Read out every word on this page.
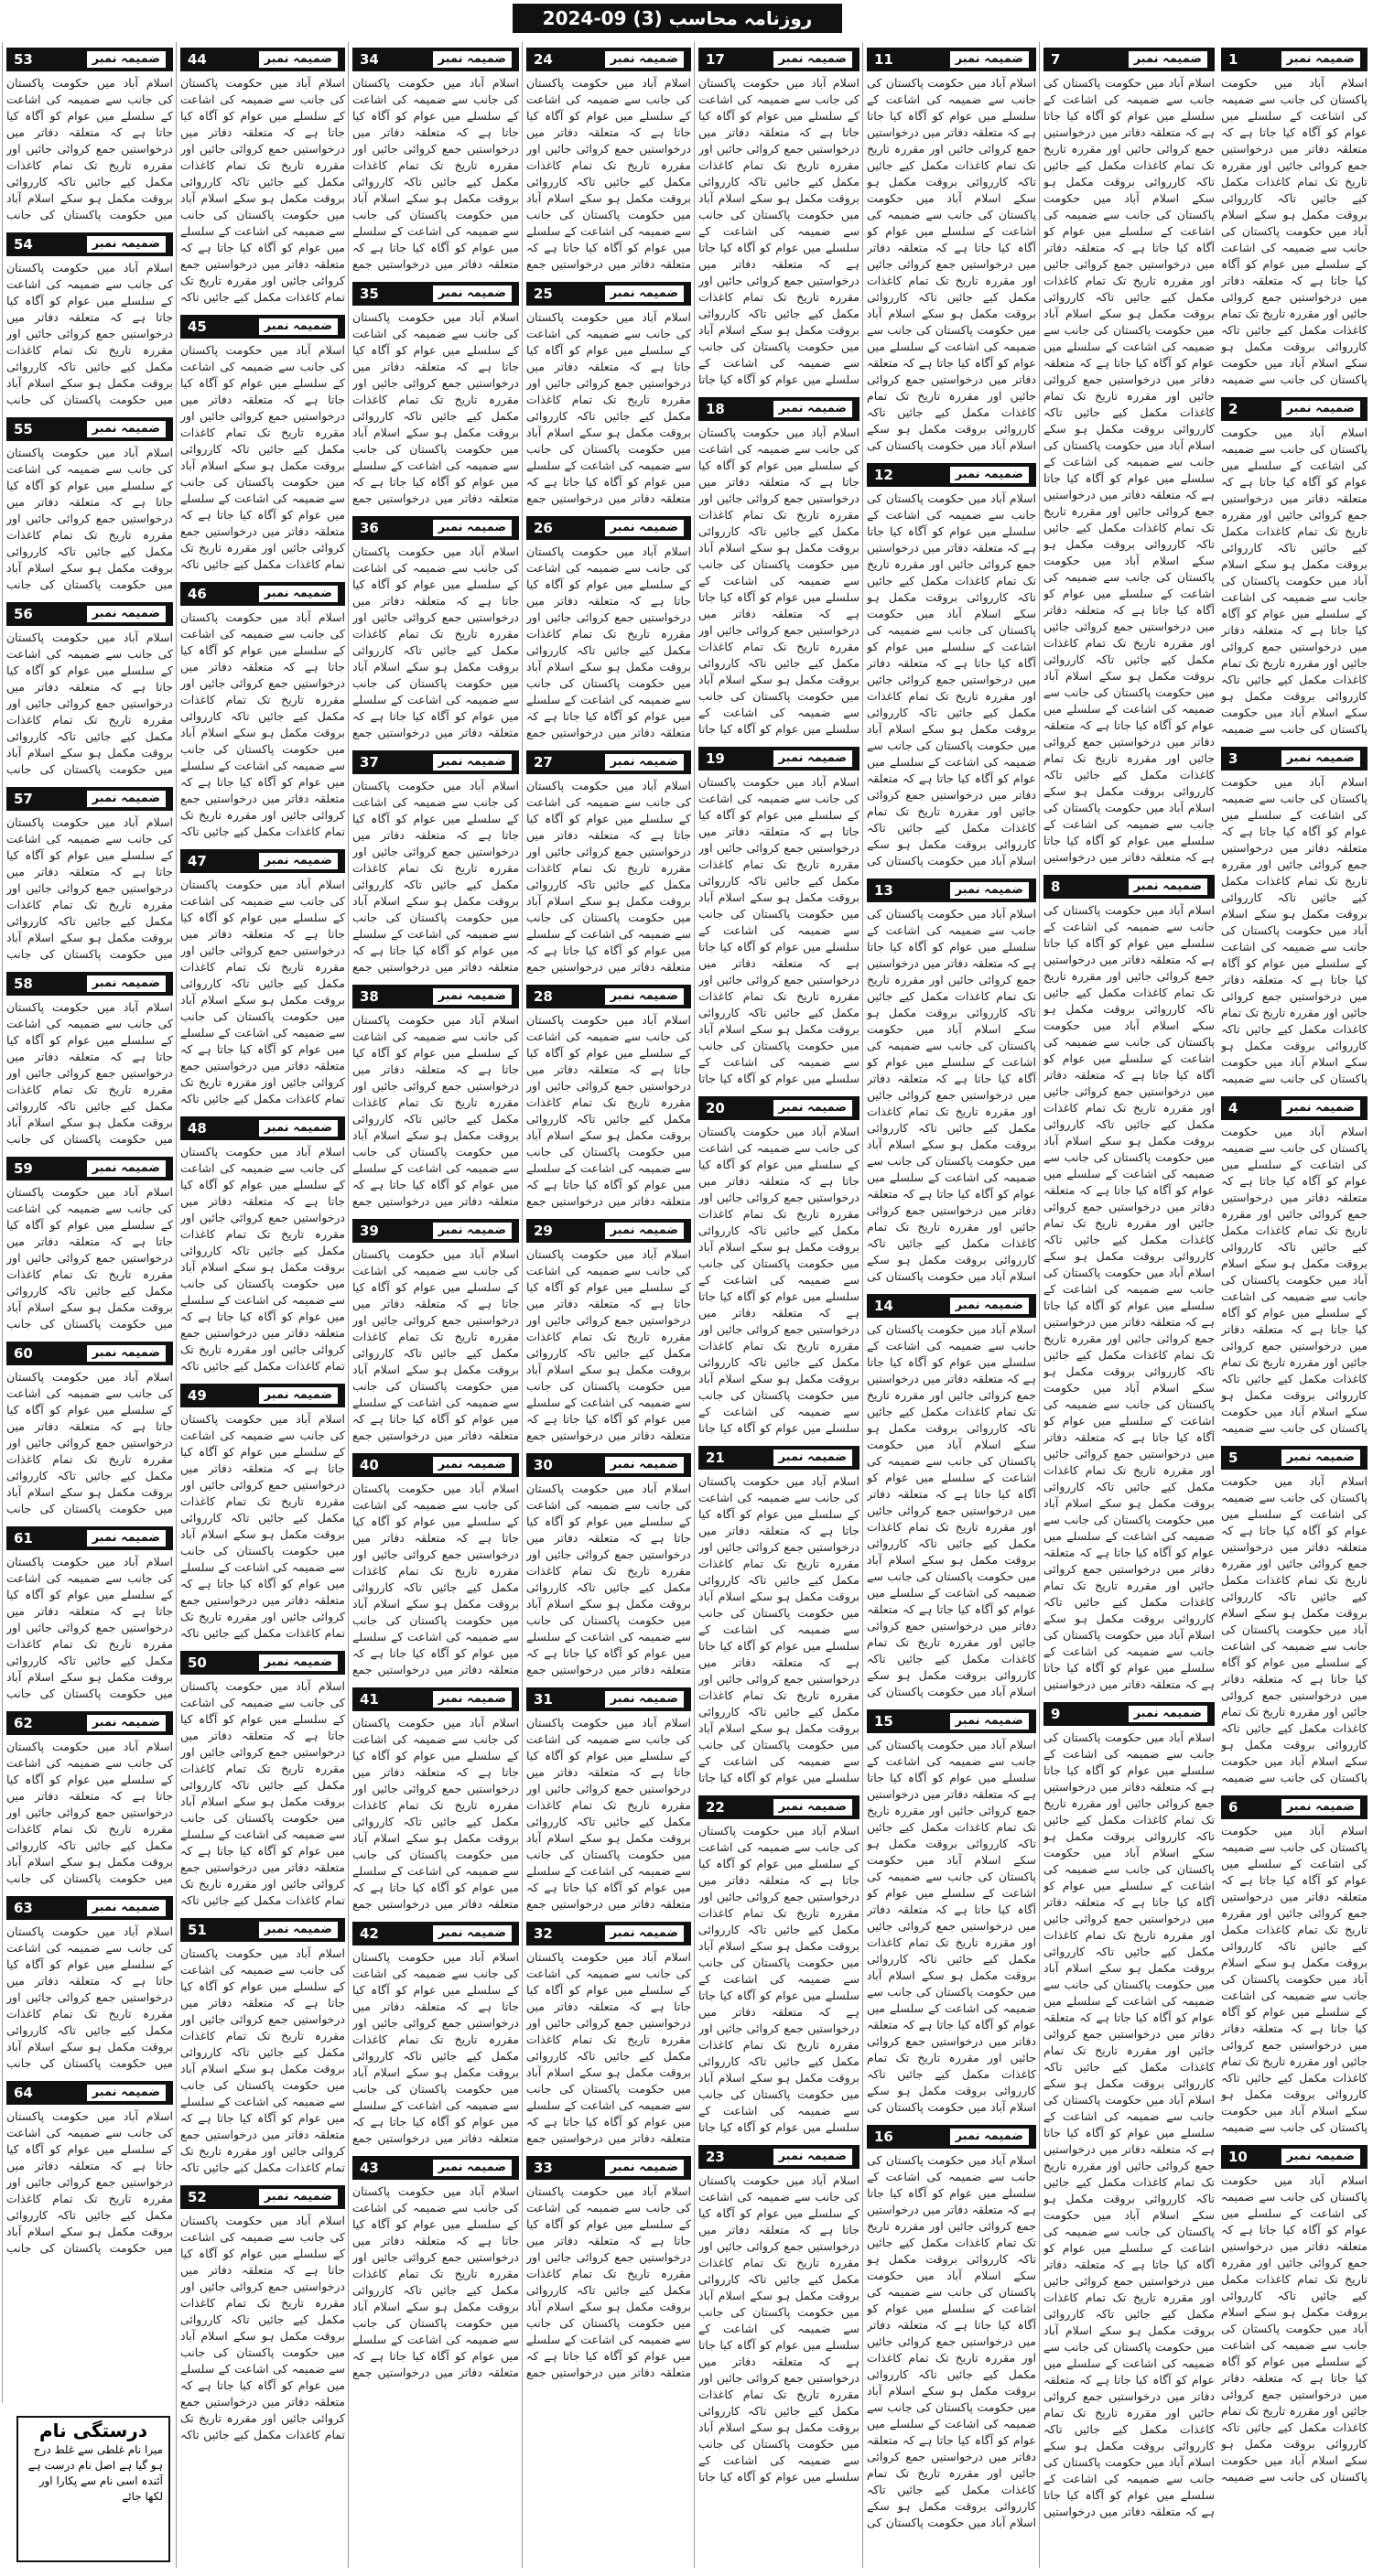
روزنامہ محاسب (3) 09-2024
ضمیمہ نمبر
1
اسلام آباد میں حکومت پاکستان کی جانب سے ضمیمہ کی اشاعت کے سلسلے میں عوام کو آگاہ کیا جاتا ہے کہ متعلقہ دفاتر میں درخواستیں جمع کروائی جائیں اور مقررہ تاریخ تک تمام کاغذات مکمل کیے جائیں تاکہ کارروائی بروقت مکمل ہو سکے اسلام آباد میں حکومت پاکستان کی جانب سے ضمیمہ کی اشاعت کے سلسلے میں عوام کو آگاہ کیا جاتا ہے کہ متعلقہ دفاتر میں درخواستیں جمع کروائی جائیں اور مقررہ تاریخ تک تمام کاغذات مکمل کیے جائیں تاکہ کارروائی بروقت مکمل ہو سکے اسلام آباد میں حکومت پاکستان کی جانب سے ضمیمہ
ضمیمہ نمبر
2
اسلام آباد میں حکومت پاکستان کی جانب سے ضمیمہ کی اشاعت کے سلسلے میں عوام کو آگاہ کیا جاتا ہے کہ متعلقہ دفاتر میں درخواستیں جمع کروائی جائیں اور مقررہ تاریخ تک تمام کاغذات مکمل کیے جائیں تاکہ کارروائی بروقت مکمل ہو سکے اسلام آباد میں حکومت پاکستان کی جانب سے ضمیمہ کی اشاعت کے سلسلے میں عوام کو آگاہ کیا جاتا ہے کہ متعلقہ دفاتر میں درخواستیں جمع کروائی جائیں اور مقررہ تاریخ تک تمام کاغذات مکمل کیے جائیں تاکہ کارروائی بروقت مکمل ہو سکے اسلام آباد میں حکومت پاکستان کی جانب سے ضمیمہ
ضمیمہ نمبر
3
اسلام آباد میں حکومت پاکستان کی جانب سے ضمیمہ کی اشاعت کے سلسلے میں عوام کو آگاہ کیا جاتا ہے کہ متعلقہ دفاتر میں درخواستیں جمع کروائی جائیں اور مقررہ تاریخ تک تمام کاغذات مکمل کیے جائیں تاکہ کارروائی بروقت مکمل ہو سکے اسلام آباد میں حکومت پاکستان کی جانب سے ضمیمہ کی اشاعت کے سلسلے میں عوام کو آگاہ کیا جاتا ہے کہ متعلقہ دفاتر میں درخواستیں جمع کروائی جائیں اور مقررہ تاریخ تک تمام کاغذات مکمل کیے جائیں تاکہ کارروائی بروقت مکمل ہو سکے اسلام آباد میں حکومت پاکستان کی جانب سے ضمیمہ
ضمیمہ نمبر
4
اسلام آباد میں حکومت پاکستان کی جانب سے ضمیمہ کی اشاعت کے سلسلے میں عوام کو آگاہ کیا جاتا ہے کہ متعلقہ دفاتر میں درخواستیں جمع کروائی جائیں اور مقررہ تاریخ تک تمام کاغذات مکمل کیے جائیں تاکہ کارروائی بروقت مکمل ہو سکے اسلام آباد میں حکومت پاکستان کی جانب سے ضمیمہ کی اشاعت کے سلسلے میں عوام کو آگاہ کیا جاتا ہے کہ متعلقہ دفاتر میں درخواستیں جمع کروائی جائیں اور مقررہ تاریخ تک تمام کاغذات مکمل کیے جائیں تاکہ کارروائی بروقت مکمل ہو سکے اسلام آباد میں حکومت پاکستان کی جانب سے ضمیمہ
ضمیمہ نمبر
5
اسلام آباد میں حکومت پاکستان کی جانب سے ضمیمہ کی اشاعت کے سلسلے میں عوام کو آگاہ کیا جاتا ہے کہ متعلقہ دفاتر میں درخواستیں جمع کروائی جائیں اور مقررہ تاریخ تک تمام کاغذات مکمل کیے جائیں تاکہ کارروائی بروقت مکمل ہو سکے اسلام آباد میں حکومت پاکستان کی جانب سے ضمیمہ کی اشاعت کے سلسلے میں عوام کو آگاہ کیا جاتا ہے کہ متعلقہ دفاتر میں درخواستیں جمع کروائی جائیں اور مقررہ تاریخ تک تمام کاغذات مکمل کیے جائیں تاکہ کارروائی بروقت مکمل ہو سکے اسلام آباد میں حکومت پاکستان کی جانب سے ضمیمہ
ضمیمہ نمبر
6
اسلام آباد میں حکومت پاکستان کی جانب سے ضمیمہ کی اشاعت کے سلسلے میں عوام کو آگاہ کیا جاتا ہے کہ متعلقہ دفاتر میں درخواستیں جمع کروائی جائیں اور مقررہ تاریخ تک تمام کاغذات مکمل کیے جائیں تاکہ کارروائی بروقت مکمل ہو سکے اسلام آباد میں حکومت پاکستان کی جانب سے ضمیمہ کی اشاعت کے سلسلے میں عوام کو آگاہ کیا جاتا ہے کہ متعلقہ دفاتر میں درخواستیں جمع کروائی جائیں اور مقررہ تاریخ تک تمام کاغذات مکمل کیے جائیں تاکہ کارروائی بروقت مکمل ہو سکے اسلام آباد میں حکومت پاکستان کی جانب سے ضمیمہ
ضمیمہ نمبر
10
اسلام آباد میں حکومت پاکستان کی جانب سے ضمیمہ کی اشاعت کے سلسلے میں عوام کو آگاہ کیا جاتا ہے کہ متعلقہ دفاتر میں درخواستیں جمع کروائی جائیں اور مقررہ تاریخ تک تمام کاغذات مکمل کیے جائیں تاکہ کارروائی بروقت مکمل ہو سکے اسلام آباد میں حکومت پاکستان کی جانب سے ضمیمہ کی اشاعت کے سلسلے میں عوام کو آگاہ کیا جاتا ہے کہ متعلقہ دفاتر میں درخواستیں جمع کروائی جائیں اور مقررہ تاریخ تک تمام کاغذات مکمل کیے جائیں تاکہ کارروائی بروقت مکمل ہو سکے اسلام آباد میں حکومت پاکستان کی جانب سے ضمیمہ
ضمیمہ نمبر
7
اسلام آباد میں حکومت پاکستان کی جانب سے ضمیمہ کی اشاعت کے سلسلے میں عوام کو آگاہ کیا جاتا ہے کہ متعلقہ دفاتر میں درخواستیں جمع کروائی جائیں اور مقررہ تاریخ تک تمام کاغذات مکمل کیے جائیں تاکہ کارروائی بروقت مکمل ہو سکے اسلام آباد میں حکومت پاکستان کی جانب سے ضمیمہ کی اشاعت کے سلسلے میں عوام کو آگاہ کیا جاتا ہے کہ متعلقہ دفاتر میں درخواستیں جمع کروائی جائیں اور مقررہ تاریخ تک تمام کاغذات مکمل کیے جائیں تاکہ کارروائی بروقت مکمل ہو سکے اسلام آباد میں حکومت پاکستان کی جانب سے ضمیمہ کی اشاعت کے سلسلے میں عوام کو آگاہ کیا جاتا ہے کہ متعلقہ دفاتر میں درخواستیں جمع کروائی جائیں اور مقررہ تاریخ تک تمام کاغذات مکمل کیے جائیں تاکہ کارروائی بروقت مکمل ہو سکے اسلام آباد میں حکومت پاکستان کی جانب سے ضمیمہ کی اشاعت کے سلسلے میں عوام کو آگاہ کیا جاتا ہے کہ متعلقہ دفاتر میں درخواستیں جمع کروائی جائیں اور مقررہ تاریخ تک تمام کاغذات مکمل کیے جائیں تاکہ کارروائی بروقت مکمل ہو سکے اسلام آباد میں حکومت پاکستان کی جانب سے ضمیمہ کی اشاعت کے سلسلے میں عوام کو آگاہ کیا جاتا ہے کہ متعلقہ دفاتر میں درخواستیں جمع کروائی جائیں اور مقررہ تاریخ تک تمام کاغذات مکمل کیے جائیں تاکہ کارروائی بروقت مکمل ہو سکے اسلام آباد میں حکومت پاکستان کی جانب سے ضمیمہ کی اشاعت کے سلسلے میں عوام کو آگاہ کیا جاتا ہے کہ متعلقہ دفاتر میں درخواستیں جمع کروائی جائیں اور مقررہ تاریخ تک تمام کاغذات مکمل کیے جائیں تاکہ کارروائی بروقت مکمل ہو سکے اسلام آباد میں حکومت پاکستان کی جانب سے ضمیمہ کی اشاعت کے سلسلے میں عوام کو آگاہ کیا جاتا ہے کہ متعلقہ دفاتر میں درخواستیں
ضمیمہ نمبر
8
اسلام آباد میں حکومت پاکستان کی جانب سے ضمیمہ کی اشاعت کے سلسلے میں عوام کو آگاہ کیا جاتا ہے کہ متعلقہ دفاتر میں درخواستیں جمع کروائی جائیں اور مقررہ تاریخ تک تمام کاغذات مکمل کیے جائیں تاکہ کارروائی بروقت مکمل ہو سکے اسلام آباد میں حکومت پاکستان کی جانب سے ضمیمہ کی اشاعت کے سلسلے میں عوام کو آگاہ کیا جاتا ہے کہ متعلقہ دفاتر میں درخواستیں جمع کروائی جائیں اور مقررہ تاریخ تک تمام کاغذات مکمل کیے جائیں تاکہ کارروائی بروقت مکمل ہو سکے اسلام آباد میں حکومت پاکستان کی جانب سے ضمیمہ کی اشاعت کے سلسلے میں عوام کو آگاہ کیا جاتا ہے کہ متعلقہ دفاتر میں درخواستیں جمع کروائی جائیں اور مقررہ تاریخ تک تمام کاغذات مکمل کیے جائیں تاکہ کارروائی بروقت مکمل ہو سکے اسلام آباد میں حکومت پاکستان کی جانب سے ضمیمہ کی اشاعت کے سلسلے میں عوام کو آگاہ کیا جاتا ہے کہ متعلقہ دفاتر میں درخواستیں جمع کروائی جائیں اور مقررہ تاریخ تک تمام کاغذات مکمل کیے جائیں تاکہ کارروائی بروقت مکمل ہو سکے اسلام آباد میں حکومت پاکستان کی جانب سے ضمیمہ کی اشاعت کے سلسلے میں عوام کو آگاہ کیا جاتا ہے کہ متعلقہ دفاتر میں درخواستیں جمع کروائی جائیں اور مقررہ تاریخ تک تمام کاغذات مکمل کیے جائیں تاکہ کارروائی بروقت مکمل ہو سکے اسلام آباد میں حکومت پاکستان کی جانب سے ضمیمہ کی اشاعت کے سلسلے میں عوام کو آگاہ کیا جاتا ہے کہ متعلقہ دفاتر میں درخواستیں جمع کروائی جائیں اور مقررہ تاریخ تک تمام کاغذات مکمل کیے جائیں تاکہ کارروائی بروقت مکمل ہو سکے اسلام آباد میں حکومت پاکستان کی جانب سے ضمیمہ کی اشاعت کے سلسلے میں عوام کو آگاہ کیا جاتا ہے کہ متعلقہ دفاتر میں درخواستیں
ضمیمہ نمبر
9
اسلام آباد میں حکومت پاکستان کی جانب سے ضمیمہ کی اشاعت کے سلسلے میں عوام کو آگاہ کیا جاتا ہے کہ متعلقہ دفاتر میں درخواستیں جمع کروائی جائیں اور مقررہ تاریخ تک تمام کاغذات مکمل کیے جائیں تاکہ کارروائی بروقت مکمل ہو سکے اسلام آباد میں حکومت پاکستان کی جانب سے ضمیمہ کی اشاعت کے سلسلے میں عوام کو آگاہ کیا جاتا ہے کہ متعلقہ دفاتر میں درخواستیں جمع کروائی جائیں اور مقررہ تاریخ تک تمام کاغذات مکمل کیے جائیں تاکہ کارروائی بروقت مکمل ہو سکے اسلام آباد میں حکومت پاکستان کی جانب سے ضمیمہ کی اشاعت کے سلسلے میں عوام کو آگاہ کیا جاتا ہے کہ متعلقہ دفاتر میں درخواستیں جمع کروائی جائیں اور مقررہ تاریخ تک تمام کاغذات مکمل کیے جائیں تاکہ کارروائی بروقت مکمل ہو سکے اسلام آباد میں حکومت پاکستان کی جانب سے ضمیمہ کی اشاعت کے سلسلے میں عوام کو آگاہ کیا جاتا ہے کہ متعلقہ دفاتر میں درخواستیں جمع کروائی جائیں اور مقررہ تاریخ تک تمام کاغذات مکمل کیے جائیں تاکہ کارروائی بروقت مکمل ہو سکے اسلام آباد میں حکومت پاکستان کی جانب سے ضمیمہ کی اشاعت کے سلسلے میں عوام کو آگاہ کیا جاتا ہے کہ متعلقہ دفاتر میں درخواستیں جمع کروائی جائیں اور مقررہ تاریخ تک تمام کاغذات مکمل کیے جائیں تاکہ کارروائی بروقت مکمل ہو سکے اسلام آباد میں حکومت پاکستان کی جانب سے ضمیمہ کی اشاعت کے سلسلے میں عوام کو آگاہ کیا جاتا ہے کہ متعلقہ دفاتر میں درخواستیں جمع کروائی جائیں اور مقررہ تاریخ تک تمام کاغذات مکمل کیے جائیں تاکہ کارروائی بروقت مکمل ہو سکے اسلام آباد میں حکومت پاکستان کی جانب سے ضمیمہ کی اشاعت کے سلسلے میں عوام کو آگاہ کیا جاتا ہے کہ متعلقہ دفاتر میں درخواستیں
ضمیمہ نمبر
11
اسلام آباد میں حکومت پاکستان کی جانب سے ضمیمہ کی اشاعت کے سلسلے میں عوام کو آگاہ کیا جاتا ہے کہ متعلقہ دفاتر میں درخواستیں جمع کروائی جائیں اور مقررہ تاریخ تک تمام کاغذات مکمل کیے جائیں تاکہ کارروائی بروقت مکمل ہو سکے اسلام آباد میں حکومت پاکستان کی جانب سے ضمیمہ کی اشاعت کے سلسلے میں عوام کو آگاہ کیا جاتا ہے کہ متعلقہ دفاتر میں درخواستیں جمع کروائی جائیں اور مقررہ تاریخ تک تمام کاغذات مکمل کیے جائیں تاکہ کارروائی بروقت مکمل ہو سکے اسلام آباد میں حکومت پاکستان کی جانب سے ضمیمہ کی اشاعت کے سلسلے میں عوام کو آگاہ کیا جاتا ہے کہ متعلقہ دفاتر میں درخواستیں جمع کروائی جائیں اور مقررہ تاریخ تک تمام کاغذات مکمل کیے جائیں تاکہ کارروائی بروقت مکمل ہو سکے اسلام آباد میں حکومت پاکستان کی
ضمیمہ نمبر
12
اسلام آباد میں حکومت پاکستان کی جانب سے ضمیمہ کی اشاعت کے سلسلے میں عوام کو آگاہ کیا جاتا ہے کہ متعلقہ دفاتر میں درخواستیں جمع کروائی جائیں اور مقررہ تاریخ تک تمام کاغذات مکمل کیے جائیں تاکہ کارروائی بروقت مکمل ہو سکے اسلام آباد میں حکومت پاکستان کی جانب سے ضمیمہ کی اشاعت کے سلسلے میں عوام کو آگاہ کیا جاتا ہے کہ متعلقہ دفاتر میں درخواستیں جمع کروائی جائیں اور مقررہ تاریخ تک تمام کاغذات مکمل کیے جائیں تاکہ کارروائی بروقت مکمل ہو سکے اسلام آباد میں حکومت پاکستان کی جانب سے ضمیمہ کی اشاعت کے سلسلے میں عوام کو آگاہ کیا جاتا ہے کہ متعلقہ دفاتر میں درخواستیں جمع کروائی جائیں اور مقررہ تاریخ تک تمام کاغذات مکمل کیے جائیں تاکہ کارروائی بروقت مکمل ہو سکے اسلام آباد میں حکومت پاکستان کی
ضمیمہ نمبر
13
اسلام آباد میں حکومت پاکستان کی جانب سے ضمیمہ کی اشاعت کے سلسلے میں عوام کو آگاہ کیا جاتا ہے کہ متعلقہ دفاتر میں درخواستیں جمع کروائی جائیں اور مقررہ تاریخ تک تمام کاغذات مکمل کیے جائیں تاکہ کارروائی بروقت مکمل ہو سکے اسلام آباد میں حکومت پاکستان کی جانب سے ضمیمہ کی اشاعت کے سلسلے میں عوام کو آگاہ کیا جاتا ہے کہ متعلقہ دفاتر میں درخواستیں جمع کروائی جائیں اور مقررہ تاریخ تک تمام کاغذات مکمل کیے جائیں تاکہ کارروائی بروقت مکمل ہو سکے اسلام آباد میں حکومت پاکستان کی جانب سے ضمیمہ کی اشاعت کے سلسلے میں عوام کو آگاہ کیا جاتا ہے کہ متعلقہ دفاتر میں درخواستیں جمع کروائی جائیں اور مقررہ تاریخ تک تمام کاغذات مکمل کیے جائیں تاکہ کارروائی بروقت مکمل ہو سکے اسلام آباد میں حکومت پاکستان کی
ضمیمہ نمبر
14
اسلام آباد میں حکومت پاکستان کی جانب سے ضمیمہ کی اشاعت کے سلسلے میں عوام کو آگاہ کیا جاتا ہے کہ متعلقہ دفاتر میں درخواستیں جمع کروائی جائیں اور مقررہ تاریخ تک تمام کاغذات مکمل کیے جائیں تاکہ کارروائی بروقت مکمل ہو سکے اسلام آباد میں حکومت پاکستان کی جانب سے ضمیمہ کی اشاعت کے سلسلے میں عوام کو آگاہ کیا جاتا ہے کہ متعلقہ دفاتر میں درخواستیں جمع کروائی جائیں اور مقررہ تاریخ تک تمام کاغذات مکمل کیے جائیں تاکہ کارروائی بروقت مکمل ہو سکے اسلام آباد میں حکومت پاکستان کی جانب سے ضمیمہ کی اشاعت کے سلسلے میں عوام کو آگاہ کیا جاتا ہے کہ متعلقہ دفاتر میں درخواستیں جمع کروائی جائیں اور مقررہ تاریخ تک تمام کاغذات مکمل کیے جائیں تاکہ کارروائی بروقت مکمل ہو سکے اسلام آباد میں حکومت پاکستان کی
ضمیمہ نمبر
15
اسلام آباد میں حکومت پاکستان کی جانب سے ضمیمہ کی اشاعت کے سلسلے میں عوام کو آگاہ کیا جاتا ہے کہ متعلقہ دفاتر میں درخواستیں جمع کروائی جائیں اور مقررہ تاریخ تک تمام کاغذات مکمل کیے جائیں تاکہ کارروائی بروقت مکمل ہو سکے اسلام آباد میں حکومت پاکستان کی جانب سے ضمیمہ کی اشاعت کے سلسلے میں عوام کو آگاہ کیا جاتا ہے کہ متعلقہ دفاتر میں درخواستیں جمع کروائی جائیں اور مقررہ تاریخ تک تمام کاغذات مکمل کیے جائیں تاکہ کارروائی بروقت مکمل ہو سکے اسلام آباد میں حکومت پاکستان کی جانب سے ضمیمہ کی اشاعت کے سلسلے میں عوام کو آگاہ کیا جاتا ہے کہ متعلقہ دفاتر میں درخواستیں جمع کروائی جائیں اور مقررہ تاریخ تک تمام کاغذات مکمل کیے جائیں تاکہ کارروائی بروقت مکمل ہو سکے اسلام آباد میں حکومت پاکستان کی
ضمیمہ نمبر
16
اسلام آباد میں حکومت پاکستان کی جانب سے ضمیمہ کی اشاعت کے سلسلے میں عوام کو آگاہ کیا جاتا ہے کہ متعلقہ دفاتر میں درخواستیں جمع کروائی جائیں اور مقررہ تاریخ تک تمام کاغذات مکمل کیے جائیں تاکہ کارروائی بروقت مکمل ہو سکے اسلام آباد میں حکومت پاکستان کی جانب سے ضمیمہ کی اشاعت کے سلسلے میں عوام کو آگاہ کیا جاتا ہے کہ متعلقہ دفاتر میں درخواستیں جمع کروائی جائیں اور مقررہ تاریخ تک تمام کاغذات مکمل کیے جائیں تاکہ کارروائی بروقت مکمل ہو سکے اسلام آباد میں حکومت پاکستان کی جانب سے ضمیمہ کی اشاعت کے سلسلے میں عوام کو آگاہ کیا جاتا ہے کہ متعلقہ دفاتر میں درخواستیں جمع کروائی جائیں اور مقررہ تاریخ تک تمام کاغذات مکمل کیے جائیں تاکہ کارروائی بروقت مکمل ہو سکے اسلام آباد میں حکومت پاکستان کی
ضمیمہ نمبر
17
اسلام آباد میں حکومت پاکستان کی جانب سے ضمیمہ کی اشاعت کے سلسلے میں عوام کو آگاہ کیا جاتا ہے کہ متعلقہ دفاتر میں درخواستیں جمع کروائی جائیں اور مقررہ تاریخ تک تمام کاغذات مکمل کیے جائیں تاکہ کارروائی بروقت مکمل ہو سکے اسلام آباد میں حکومت پاکستان کی جانب سے ضمیمہ کی اشاعت کے سلسلے میں عوام کو آگاہ کیا جاتا ہے کہ متعلقہ دفاتر میں درخواستیں جمع کروائی جائیں اور مقررہ تاریخ تک تمام کاغذات مکمل کیے جائیں تاکہ کارروائی بروقت مکمل ہو سکے اسلام آباد میں حکومت پاکستان کی جانب سے ضمیمہ کی اشاعت کے سلسلے میں عوام کو آگاہ کیا جاتا
ضمیمہ نمبر
18
اسلام آباد میں حکومت پاکستان کی جانب سے ضمیمہ کی اشاعت کے سلسلے میں عوام کو آگاہ کیا جاتا ہے کہ متعلقہ دفاتر میں درخواستیں جمع کروائی جائیں اور مقررہ تاریخ تک تمام کاغذات مکمل کیے جائیں تاکہ کارروائی بروقت مکمل ہو سکے اسلام آباد میں حکومت پاکستان کی جانب سے ضمیمہ کی اشاعت کے سلسلے میں عوام کو آگاہ کیا جاتا ہے کہ متعلقہ دفاتر میں درخواستیں جمع کروائی جائیں اور مقررہ تاریخ تک تمام کاغذات مکمل کیے جائیں تاکہ کارروائی بروقت مکمل ہو سکے اسلام آباد میں حکومت پاکستان کی جانب سے ضمیمہ کی اشاعت کے سلسلے میں عوام کو آگاہ کیا جاتا
ضمیمہ نمبر
19
اسلام آباد میں حکومت پاکستان کی جانب سے ضمیمہ کی اشاعت کے سلسلے میں عوام کو آگاہ کیا جاتا ہے کہ متعلقہ دفاتر میں درخواستیں جمع کروائی جائیں اور مقررہ تاریخ تک تمام کاغذات مکمل کیے جائیں تاکہ کارروائی بروقت مکمل ہو سکے اسلام آباد میں حکومت پاکستان کی جانب سے ضمیمہ کی اشاعت کے سلسلے میں عوام کو آگاہ کیا جاتا ہے کہ متعلقہ دفاتر میں درخواستیں جمع کروائی جائیں اور مقررہ تاریخ تک تمام کاغذات مکمل کیے جائیں تاکہ کارروائی بروقت مکمل ہو سکے اسلام آباد میں حکومت پاکستان کی جانب سے ضمیمہ کی اشاعت کے سلسلے میں عوام کو آگاہ کیا جاتا
ضمیمہ نمبر
20
اسلام آباد میں حکومت پاکستان کی جانب سے ضمیمہ کی اشاعت کے سلسلے میں عوام کو آگاہ کیا جاتا ہے کہ متعلقہ دفاتر میں درخواستیں جمع کروائی جائیں اور مقررہ تاریخ تک تمام کاغذات مکمل کیے جائیں تاکہ کارروائی بروقت مکمل ہو سکے اسلام آباد میں حکومت پاکستان کی جانب سے ضمیمہ کی اشاعت کے سلسلے میں عوام کو آگاہ کیا جاتا ہے کہ متعلقہ دفاتر میں درخواستیں جمع کروائی جائیں اور مقررہ تاریخ تک تمام کاغذات مکمل کیے جائیں تاکہ کارروائی بروقت مکمل ہو سکے اسلام آباد میں حکومت پاکستان کی جانب سے ضمیمہ کی اشاعت کے سلسلے میں عوام کو آگاہ کیا جاتا
ضمیمہ نمبر
21
اسلام آباد میں حکومت پاکستان کی جانب سے ضمیمہ کی اشاعت کے سلسلے میں عوام کو آگاہ کیا جاتا ہے کہ متعلقہ دفاتر میں درخواستیں جمع کروائی جائیں اور مقررہ تاریخ تک تمام کاغذات مکمل کیے جائیں تاکہ کارروائی بروقت مکمل ہو سکے اسلام آباد میں حکومت پاکستان کی جانب سے ضمیمہ کی اشاعت کے سلسلے میں عوام کو آگاہ کیا جاتا ہے کہ متعلقہ دفاتر میں درخواستیں جمع کروائی جائیں اور مقررہ تاریخ تک تمام کاغذات مکمل کیے جائیں تاکہ کارروائی بروقت مکمل ہو سکے اسلام آباد میں حکومت پاکستان کی جانب سے ضمیمہ کی اشاعت کے سلسلے میں عوام کو آگاہ کیا جاتا
ضمیمہ نمبر
22
اسلام آباد میں حکومت پاکستان کی جانب سے ضمیمہ کی اشاعت کے سلسلے میں عوام کو آگاہ کیا جاتا ہے کہ متعلقہ دفاتر میں درخواستیں جمع کروائی جائیں اور مقررہ تاریخ تک تمام کاغذات مکمل کیے جائیں تاکہ کارروائی بروقت مکمل ہو سکے اسلام آباد میں حکومت پاکستان کی جانب سے ضمیمہ کی اشاعت کے سلسلے میں عوام کو آگاہ کیا جاتا ہے کہ متعلقہ دفاتر میں درخواستیں جمع کروائی جائیں اور مقررہ تاریخ تک تمام کاغذات مکمل کیے جائیں تاکہ کارروائی بروقت مکمل ہو سکے اسلام آباد میں حکومت پاکستان کی جانب سے ضمیمہ کی اشاعت کے سلسلے میں عوام کو آگاہ کیا جاتا
ضمیمہ نمبر
23
اسلام آباد میں حکومت پاکستان کی جانب سے ضمیمہ کی اشاعت کے سلسلے میں عوام کو آگاہ کیا جاتا ہے کہ متعلقہ دفاتر میں درخواستیں جمع کروائی جائیں اور مقررہ تاریخ تک تمام کاغذات مکمل کیے جائیں تاکہ کارروائی بروقت مکمل ہو سکے اسلام آباد میں حکومت پاکستان کی جانب سے ضمیمہ کی اشاعت کے سلسلے میں عوام کو آگاہ کیا جاتا ہے کہ متعلقہ دفاتر میں درخواستیں جمع کروائی جائیں اور مقررہ تاریخ تک تمام کاغذات مکمل کیے جائیں تاکہ کارروائی بروقت مکمل ہو سکے اسلام آباد میں حکومت پاکستان کی جانب سے ضمیمہ کی اشاعت کے سلسلے میں عوام کو آگاہ کیا جاتا
ضمیمہ نمبر
24
اسلام آباد میں حکومت پاکستان کی جانب سے ضمیمہ کی اشاعت کے سلسلے میں عوام کو آگاہ کیا جاتا ہے کہ متعلقہ دفاتر میں درخواستیں جمع کروائی جائیں اور مقررہ تاریخ تک تمام کاغذات مکمل کیے جائیں تاکہ کارروائی بروقت مکمل ہو سکے اسلام آباد میں حکومت پاکستان کی جانب سے ضمیمہ کی اشاعت کے سلسلے میں عوام کو آگاہ کیا جاتا ہے کہ متعلقہ دفاتر میں درخواستیں جمع
ضمیمہ نمبر
25
اسلام آباد میں حکومت پاکستان کی جانب سے ضمیمہ کی اشاعت کے سلسلے میں عوام کو آگاہ کیا جاتا ہے کہ متعلقہ دفاتر میں درخواستیں جمع کروائی جائیں اور مقررہ تاریخ تک تمام کاغذات مکمل کیے جائیں تاکہ کارروائی بروقت مکمل ہو سکے اسلام آباد میں حکومت پاکستان کی جانب سے ضمیمہ کی اشاعت کے سلسلے میں عوام کو آگاہ کیا جاتا ہے کہ متعلقہ دفاتر میں درخواستیں جمع
ضمیمہ نمبر
26
اسلام آباد میں حکومت پاکستان کی جانب سے ضمیمہ کی اشاعت کے سلسلے میں عوام کو آگاہ کیا جاتا ہے کہ متعلقہ دفاتر میں درخواستیں جمع کروائی جائیں اور مقررہ تاریخ تک تمام کاغذات مکمل کیے جائیں تاکہ کارروائی بروقت مکمل ہو سکے اسلام آباد میں حکومت پاکستان کی جانب سے ضمیمہ کی اشاعت کے سلسلے میں عوام کو آگاہ کیا جاتا ہے کہ متعلقہ دفاتر میں درخواستیں جمع
ضمیمہ نمبر
27
اسلام آباد میں حکومت پاکستان کی جانب سے ضمیمہ کی اشاعت کے سلسلے میں عوام کو آگاہ کیا جاتا ہے کہ متعلقہ دفاتر میں درخواستیں جمع کروائی جائیں اور مقررہ تاریخ تک تمام کاغذات مکمل کیے جائیں تاکہ کارروائی بروقت مکمل ہو سکے اسلام آباد میں حکومت پاکستان کی جانب سے ضمیمہ کی اشاعت کے سلسلے میں عوام کو آگاہ کیا جاتا ہے کہ متعلقہ دفاتر میں درخواستیں جمع
ضمیمہ نمبر
28
اسلام آباد میں حکومت پاکستان کی جانب سے ضمیمہ کی اشاعت کے سلسلے میں عوام کو آگاہ کیا جاتا ہے کہ متعلقہ دفاتر میں درخواستیں جمع کروائی جائیں اور مقررہ تاریخ تک تمام کاغذات مکمل کیے جائیں تاکہ کارروائی بروقت مکمل ہو سکے اسلام آباد میں حکومت پاکستان کی جانب سے ضمیمہ کی اشاعت کے سلسلے میں عوام کو آگاہ کیا جاتا ہے کہ متعلقہ دفاتر میں درخواستیں جمع
ضمیمہ نمبر
29
اسلام آباد میں حکومت پاکستان کی جانب سے ضمیمہ کی اشاعت کے سلسلے میں عوام کو آگاہ کیا جاتا ہے کہ متعلقہ دفاتر میں درخواستیں جمع کروائی جائیں اور مقررہ تاریخ تک تمام کاغذات مکمل کیے جائیں تاکہ کارروائی بروقت مکمل ہو سکے اسلام آباد میں حکومت پاکستان کی جانب سے ضمیمہ کی اشاعت کے سلسلے میں عوام کو آگاہ کیا جاتا ہے کہ متعلقہ دفاتر میں درخواستیں جمع
ضمیمہ نمبر
30
اسلام آباد میں حکومت پاکستان کی جانب سے ضمیمہ کی اشاعت کے سلسلے میں عوام کو آگاہ کیا جاتا ہے کہ متعلقہ دفاتر میں درخواستیں جمع کروائی جائیں اور مقررہ تاریخ تک تمام کاغذات مکمل کیے جائیں تاکہ کارروائی بروقت مکمل ہو سکے اسلام آباد میں حکومت پاکستان کی جانب سے ضمیمہ کی اشاعت کے سلسلے میں عوام کو آگاہ کیا جاتا ہے کہ متعلقہ دفاتر میں درخواستیں جمع
ضمیمہ نمبر
31
اسلام آباد میں حکومت پاکستان کی جانب سے ضمیمہ کی اشاعت کے سلسلے میں عوام کو آگاہ کیا جاتا ہے کہ متعلقہ دفاتر میں درخواستیں جمع کروائی جائیں اور مقررہ تاریخ تک تمام کاغذات مکمل کیے جائیں تاکہ کارروائی بروقت مکمل ہو سکے اسلام آباد میں حکومت پاکستان کی جانب سے ضمیمہ کی اشاعت کے سلسلے میں عوام کو آگاہ کیا جاتا ہے کہ متعلقہ دفاتر میں درخواستیں جمع
ضمیمہ نمبر
32
اسلام آباد میں حکومت پاکستان کی جانب سے ضمیمہ کی اشاعت کے سلسلے میں عوام کو آگاہ کیا جاتا ہے کہ متعلقہ دفاتر میں درخواستیں جمع کروائی جائیں اور مقررہ تاریخ تک تمام کاغذات مکمل کیے جائیں تاکہ کارروائی بروقت مکمل ہو سکے اسلام آباد میں حکومت پاکستان کی جانب سے ضمیمہ کی اشاعت کے سلسلے میں عوام کو آگاہ کیا جاتا ہے کہ متعلقہ دفاتر میں درخواستیں جمع
ضمیمہ نمبر
33
اسلام آباد میں حکومت پاکستان کی جانب سے ضمیمہ کی اشاعت کے سلسلے میں عوام کو آگاہ کیا جاتا ہے کہ متعلقہ دفاتر میں درخواستیں جمع کروائی جائیں اور مقررہ تاریخ تک تمام کاغذات مکمل کیے جائیں تاکہ کارروائی بروقت مکمل ہو سکے اسلام آباد میں حکومت پاکستان کی جانب سے ضمیمہ کی اشاعت کے سلسلے میں عوام کو آگاہ کیا جاتا ہے کہ متعلقہ دفاتر میں درخواستیں جمع
ضمیمہ نمبر
34
اسلام آباد میں حکومت پاکستان کی جانب سے ضمیمہ کی اشاعت کے سلسلے میں عوام کو آگاہ کیا جاتا ہے کہ متعلقہ دفاتر میں درخواستیں جمع کروائی جائیں اور مقررہ تاریخ تک تمام کاغذات مکمل کیے جائیں تاکہ کارروائی بروقت مکمل ہو سکے اسلام آباد میں حکومت پاکستان کی جانب سے ضمیمہ کی اشاعت کے سلسلے میں عوام کو آگاہ کیا جاتا ہے کہ متعلقہ دفاتر میں درخواستیں جمع
ضمیمہ نمبر
35
اسلام آباد میں حکومت پاکستان کی جانب سے ضمیمہ کی اشاعت کے سلسلے میں عوام کو آگاہ کیا جاتا ہے کہ متعلقہ دفاتر میں درخواستیں جمع کروائی جائیں اور مقررہ تاریخ تک تمام کاغذات مکمل کیے جائیں تاکہ کارروائی بروقت مکمل ہو سکے اسلام آباد میں حکومت پاکستان کی جانب سے ضمیمہ کی اشاعت کے سلسلے میں عوام کو آگاہ کیا جاتا ہے کہ متعلقہ دفاتر میں درخواستیں جمع
ضمیمہ نمبر
36
اسلام آباد میں حکومت پاکستان کی جانب سے ضمیمہ کی اشاعت کے سلسلے میں عوام کو آگاہ کیا جاتا ہے کہ متعلقہ دفاتر میں درخواستیں جمع کروائی جائیں اور مقررہ تاریخ تک تمام کاغذات مکمل کیے جائیں تاکہ کارروائی بروقت مکمل ہو سکے اسلام آباد میں حکومت پاکستان کی جانب سے ضمیمہ کی اشاعت کے سلسلے میں عوام کو آگاہ کیا جاتا ہے کہ متعلقہ دفاتر میں درخواستیں جمع
ضمیمہ نمبر
37
اسلام آباد میں حکومت پاکستان کی جانب سے ضمیمہ کی اشاعت کے سلسلے میں عوام کو آگاہ کیا جاتا ہے کہ متعلقہ دفاتر میں درخواستیں جمع کروائی جائیں اور مقررہ تاریخ تک تمام کاغذات مکمل کیے جائیں تاکہ کارروائی بروقت مکمل ہو سکے اسلام آباد میں حکومت پاکستان کی جانب سے ضمیمہ کی اشاعت کے سلسلے میں عوام کو آگاہ کیا جاتا ہے کہ متعلقہ دفاتر میں درخواستیں جمع
ضمیمہ نمبر
38
اسلام آباد میں حکومت پاکستان کی جانب سے ضمیمہ کی اشاعت کے سلسلے میں عوام کو آگاہ کیا جاتا ہے کہ متعلقہ دفاتر میں درخواستیں جمع کروائی جائیں اور مقررہ تاریخ تک تمام کاغذات مکمل کیے جائیں تاکہ کارروائی بروقت مکمل ہو سکے اسلام آباد میں حکومت پاکستان کی جانب سے ضمیمہ کی اشاعت کے سلسلے میں عوام کو آگاہ کیا جاتا ہے کہ متعلقہ دفاتر میں درخواستیں جمع
ضمیمہ نمبر
39
اسلام آباد میں حکومت پاکستان کی جانب سے ضمیمہ کی اشاعت کے سلسلے میں عوام کو آگاہ کیا جاتا ہے کہ متعلقہ دفاتر میں درخواستیں جمع کروائی جائیں اور مقررہ تاریخ تک تمام کاغذات مکمل کیے جائیں تاکہ کارروائی بروقت مکمل ہو سکے اسلام آباد میں حکومت پاکستان کی جانب سے ضمیمہ کی اشاعت کے سلسلے میں عوام کو آگاہ کیا جاتا ہے کہ متعلقہ دفاتر میں درخواستیں جمع
ضمیمہ نمبر
40
اسلام آباد میں حکومت پاکستان کی جانب سے ضمیمہ کی اشاعت کے سلسلے میں عوام کو آگاہ کیا جاتا ہے کہ متعلقہ دفاتر میں درخواستیں جمع کروائی جائیں اور مقررہ تاریخ تک تمام کاغذات مکمل کیے جائیں تاکہ کارروائی بروقت مکمل ہو سکے اسلام آباد میں حکومت پاکستان کی جانب سے ضمیمہ کی اشاعت کے سلسلے میں عوام کو آگاہ کیا جاتا ہے کہ متعلقہ دفاتر میں درخواستیں جمع
ضمیمہ نمبر
41
اسلام آباد میں حکومت پاکستان کی جانب سے ضمیمہ کی اشاعت کے سلسلے میں عوام کو آگاہ کیا جاتا ہے کہ متعلقہ دفاتر میں درخواستیں جمع کروائی جائیں اور مقررہ تاریخ تک تمام کاغذات مکمل کیے جائیں تاکہ کارروائی بروقت مکمل ہو سکے اسلام آباد میں حکومت پاکستان کی جانب سے ضمیمہ کی اشاعت کے سلسلے میں عوام کو آگاہ کیا جاتا ہے کہ متعلقہ دفاتر میں درخواستیں جمع
ضمیمہ نمبر
42
اسلام آباد میں حکومت پاکستان کی جانب سے ضمیمہ کی اشاعت کے سلسلے میں عوام کو آگاہ کیا جاتا ہے کہ متعلقہ دفاتر میں درخواستیں جمع کروائی جائیں اور مقررہ تاریخ تک تمام کاغذات مکمل کیے جائیں تاکہ کارروائی بروقت مکمل ہو سکے اسلام آباد میں حکومت پاکستان کی جانب سے ضمیمہ کی اشاعت کے سلسلے میں عوام کو آگاہ کیا جاتا ہے کہ متعلقہ دفاتر میں درخواستیں جمع
ضمیمہ نمبر
43
اسلام آباد میں حکومت پاکستان کی جانب سے ضمیمہ کی اشاعت کے سلسلے میں عوام کو آگاہ کیا جاتا ہے کہ متعلقہ دفاتر میں درخواستیں جمع کروائی جائیں اور مقررہ تاریخ تک تمام کاغذات مکمل کیے جائیں تاکہ کارروائی بروقت مکمل ہو سکے اسلام آباد میں حکومت پاکستان کی جانب سے ضمیمہ کی اشاعت کے سلسلے میں عوام کو آگاہ کیا جاتا ہے کہ متعلقہ دفاتر میں درخواستیں جمع
ضمیمہ نمبر
44
اسلام آباد میں حکومت پاکستان کی جانب سے ضمیمہ کی اشاعت کے سلسلے میں عوام کو آگاہ کیا جاتا ہے کہ متعلقہ دفاتر میں درخواستیں جمع کروائی جائیں اور مقررہ تاریخ تک تمام کاغذات مکمل کیے جائیں تاکہ کارروائی بروقت مکمل ہو سکے اسلام آباد میں حکومت پاکستان کی جانب سے ضمیمہ کی اشاعت کے سلسلے میں عوام کو آگاہ کیا جاتا ہے کہ متعلقہ دفاتر میں درخواستیں جمع کروائی جائیں اور مقررہ تاریخ تک تمام کاغذات مکمل کیے جائیں تاکہ
ضمیمہ نمبر
45
اسلام آباد میں حکومت پاکستان کی جانب سے ضمیمہ کی اشاعت کے سلسلے میں عوام کو آگاہ کیا جاتا ہے کہ متعلقہ دفاتر میں درخواستیں جمع کروائی جائیں اور مقررہ تاریخ تک تمام کاغذات مکمل کیے جائیں تاکہ کارروائی بروقت مکمل ہو سکے اسلام آباد میں حکومت پاکستان کی جانب سے ضمیمہ کی اشاعت کے سلسلے میں عوام کو آگاہ کیا جاتا ہے کہ متعلقہ دفاتر میں درخواستیں جمع کروائی جائیں اور مقررہ تاریخ تک تمام کاغذات مکمل کیے جائیں تاکہ
ضمیمہ نمبر
46
اسلام آباد میں حکومت پاکستان کی جانب سے ضمیمہ کی اشاعت کے سلسلے میں عوام کو آگاہ کیا جاتا ہے کہ متعلقہ دفاتر میں درخواستیں جمع کروائی جائیں اور مقررہ تاریخ تک تمام کاغذات مکمل کیے جائیں تاکہ کارروائی بروقت مکمل ہو سکے اسلام آباد میں حکومت پاکستان کی جانب سے ضمیمہ کی اشاعت کے سلسلے میں عوام کو آگاہ کیا جاتا ہے کہ متعلقہ دفاتر میں درخواستیں جمع کروائی جائیں اور مقررہ تاریخ تک تمام کاغذات مکمل کیے جائیں تاکہ
ضمیمہ نمبر
47
اسلام آباد میں حکومت پاکستان کی جانب سے ضمیمہ کی اشاعت کے سلسلے میں عوام کو آگاہ کیا جاتا ہے کہ متعلقہ دفاتر میں درخواستیں جمع کروائی جائیں اور مقررہ تاریخ تک تمام کاغذات مکمل کیے جائیں تاکہ کارروائی بروقت مکمل ہو سکے اسلام آباد میں حکومت پاکستان کی جانب سے ضمیمہ کی اشاعت کے سلسلے میں عوام کو آگاہ کیا جاتا ہے کہ متعلقہ دفاتر میں درخواستیں جمع کروائی جائیں اور مقررہ تاریخ تک تمام کاغذات مکمل کیے جائیں تاکہ
ضمیمہ نمبر
48
اسلام آباد میں حکومت پاکستان کی جانب سے ضمیمہ کی اشاعت کے سلسلے میں عوام کو آگاہ کیا جاتا ہے کہ متعلقہ دفاتر میں درخواستیں جمع کروائی جائیں اور مقررہ تاریخ تک تمام کاغذات مکمل کیے جائیں تاکہ کارروائی بروقت مکمل ہو سکے اسلام آباد میں حکومت پاکستان کی جانب سے ضمیمہ کی اشاعت کے سلسلے میں عوام کو آگاہ کیا جاتا ہے کہ متعلقہ دفاتر میں درخواستیں جمع کروائی جائیں اور مقررہ تاریخ تک تمام کاغذات مکمل کیے جائیں تاکہ
ضمیمہ نمبر
49
اسلام آباد میں حکومت پاکستان کی جانب سے ضمیمہ کی اشاعت کے سلسلے میں عوام کو آگاہ کیا جاتا ہے کہ متعلقہ دفاتر میں درخواستیں جمع کروائی جائیں اور مقررہ تاریخ تک تمام کاغذات مکمل کیے جائیں تاکہ کارروائی بروقت مکمل ہو سکے اسلام آباد میں حکومت پاکستان کی جانب سے ضمیمہ کی اشاعت کے سلسلے میں عوام کو آگاہ کیا جاتا ہے کہ متعلقہ دفاتر میں درخواستیں جمع کروائی جائیں اور مقررہ تاریخ تک تمام کاغذات مکمل کیے جائیں تاکہ
ضمیمہ نمبر
50
اسلام آباد میں حکومت پاکستان کی جانب سے ضمیمہ کی اشاعت کے سلسلے میں عوام کو آگاہ کیا جاتا ہے کہ متعلقہ دفاتر میں درخواستیں جمع کروائی جائیں اور مقررہ تاریخ تک تمام کاغذات مکمل کیے جائیں تاکہ کارروائی بروقت مکمل ہو سکے اسلام آباد میں حکومت پاکستان کی جانب سے ضمیمہ کی اشاعت کے سلسلے میں عوام کو آگاہ کیا جاتا ہے کہ متعلقہ دفاتر میں درخواستیں جمع کروائی جائیں اور مقررہ تاریخ تک تمام کاغذات مکمل کیے جائیں تاکہ
ضمیمہ نمبر
51
اسلام آباد میں حکومت پاکستان کی جانب سے ضمیمہ کی اشاعت کے سلسلے میں عوام کو آگاہ کیا جاتا ہے کہ متعلقہ دفاتر میں درخواستیں جمع کروائی جائیں اور مقررہ تاریخ تک تمام کاغذات مکمل کیے جائیں تاکہ کارروائی بروقت مکمل ہو سکے اسلام آباد میں حکومت پاکستان کی جانب سے ضمیمہ کی اشاعت کے سلسلے میں عوام کو آگاہ کیا جاتا ہے کہ متعلقہ دفاتر میں درخواستیں جمع کروائی جائیں اور مقررہ تاریخ تک تمام کاغذات مکمل کیے جائیں تاکہ
ضمیمہ نمبر
52
اسلام آباد میں حکومت پاکستان کی جانب سے ضمیمہ کی اشاعت کے سلسلے میں عوام کو آگاہ کیا جاتا ہے کہ متعلقہ دفاتر میں درخواستیں جمع کروائی جائیں اور مقررہ تاریخ تک تمام کاغذات مکمل کیے جائیں تاکہ کارروائی بروقت مکمل ہو سکے اسلام آباد میں حکومت پاکستان کی جانب سے ضمیمہ کی اشاعت کے سلسلے میں عوام کو آگاہ کیا جاتا ہے کہ متعلقہ دفاتر میں درخواستیں جمع کروائی جائیں اور مقررہ تاریخ تک تمام کاغذات مکمل کیے جائیں تاکہ
ضمیمہ نمبر
53
اسلام آباد میں حکومت پاکستان کی جانب سے ضمیمہ کی اشاعت کے سلسلے میں عوام کو آگاہ کیا جاتا ہے کہ متعلقہ دفاتر میں درخواستیں جمع کروائی جائیں اور مقررہ تاریخ تک تمام کاغذات مکمل کیے جائیں تاکہ کارروائی بروقت مکمل ہو سکے اسلام آباد میں حکومت پاکستان کی جانب
ضمیمہ نمبر
54
اسلام آباد میں حکومت پاکستان کی جانب سے ضمیمہ کی اشاعت کے سلسلے میں عوام کو آگاہ کیا جاتا ہے کہ متعلقہ دفاتر میں درخواستیں جمع کروائی جائیں اور مقررہ تاریخ تک تمام کاغذات مکمل کیے جائیں تاکہ کارروائی بروقت مکمل ہو سکے اسلام آباد میں حکومت پاکستان کی جانب
ضمیمہ نمبر
55
اسلام آباد میں حکومت پاکستان کی جانب سے ضمیمہ کی اشاعت کے سلسلے میں عوام کو آگاہ کیا جاتا ہے کہ متعلقہ دفاتر میں درخواستیں جمع کروائی جائیں اور مقررہ تاریخ تک تمام کاغذات مکمل کیے جائیں تاکہ کارروائی بروقت مکمل ہو سکے اسلام آباد میں حکومت پاکستان کی جانب
ضمیمہ نمبر
56
اسلام آباد میں حکومت پاکستان کی جانب سے ضمیمہ کی اشاعت کے سلسلے میں عوام کو آگاہ کیا جاتا ہے کہ متعلقہ دفاتر میں درخواستیں جمع کروائی جائیں اور مقررہ تاریخ تک تمام کاغذات مکمل کیے جائیں تاکہ کارروائی بروقت مکمل ہو سکے اسلام آباد میں حکومت پاکستان کی جانب
ضمیمہ نمبر
57
اسلام آباد میں حکومت پاکستان کی جانب سے ضمیمہ کی اشاعت کے سلسلے میں عوام کو آگاہ کیا جاتا ہے کہ متعلقہ دفاتر میں درخواستیں جمع کروائی جائیں اور مقررہ تاریخ تک تمام کاغذات مکمل کیے جائیں تاکہ کارروائی بروقت مکمل ہو سکے اسلام آباد میں حکومت پاکستان کی جانب
ضمیمہ نمبر
58
اسلام آباد میں حکومت پاکستان کی جانب سے ضمیمہ کی اشاعت کے سلسلے میں عوام کو آگاہ کیا جاتا ہے کہ متعلقہ دفاتر میں درخواستیں جمع کروائی جائیں اور مقررہ تاریخ تک تمام کاغذات مکمل کیے جائیں تاکہ کارروائی بروقت مکمل ہو سکے اسلام آباد میں حکومت پاکستان کی جانب
ضمیمہ نمبر
59
اسلام آباد میں حکومت پاکستان کی جانب سے ضمیمہ کی اشاعت کے سلسلے میں عوام کو آگاہ کیا جاتا ہے کہ متعلقہ دفاتر میں درخواستیں جمع کروائی جائیں اور مقررہ تاریخ تک تمام کاغذات مکمل کیے جائیں تاکہ کارروائی بروقت مکمل ہو سکے اسلام آباد میں حکومت پاکستان کی جانب
ضمیمہ نمبر
60
اسلام آباد میں حکومت پاکستان کی جانب سے ضمیمہ کی اشاعت کے سلسلے میں عوام کو آگاہ کیا جاتا ہے کہ متعلقہ دفاتر میں درخواستیں جمع کروائی جائیں اور مقررہ تاریخ تک تمام کاغذات مکمل کیے جائیں تاکہ کارروائی بروقت مکمل ہو سکے اسلام آباد میں حکومت پاکستان کی جانب
ضمیمہ نمبر
61
اسلام آباد میں حکومت پاکستان کی جانب سے ضمیمہ کی اشاعت کے سلسلے میں عوام کو آگاہ کیا جاتا ہے کہ متعلقہ دفاتر میں درخواستیں جمع کروائی جائیں اور مقررہ تاریخ تک تمام کاغذات مکمل کیے جائیں تاکہ کارروائی بروقت مکمل ہو سکے اسلام آباد میں حکومت پاکستان کی جانب
ضمیمہ نمبر
62
اسلام آباد میں حکومت پاکستان کی جانب سے ضمیمہ کی اشاعت کے سلسلے میں عوام کو آگاہ کیا جاتا ہے کہ متعلقہ دفاتر میں درخواستیں جمع کروائی جائیں اور مقررہ تاریخ تک تمام کاغذات مکمل کیے جائیں تاکہ کارروائی بروقت مکمل ہو سکے اسلام آباد میں حکومت پاکستان کی جانب
ضمیمہ نمبر
63
اسلام آباد میں حکومت پاکستان کی جانب سے ضمیمہ کی اشاعت کے سلسلے میں عوام کو آگاہ کیا جاتا ہے کہ متعلقہ دفاتر میں درخواستیں جمع کروائی جائیں اور مقررہ تاریخ تک تمام کاغذات مکمل کیے جائیں تاکہ کارروائی بروقت مکمل ہو سکے اسلام آباد میں حکومت پاکستان کی جانب
ضمیمہ نمبر
64
اسلام آباد میں حکومت پاکستان کی جانب سے ضمیمہ کی اشاعت کے سلسلے میں عوام کو آگاہ کیا جاتا ہے کہ متعلقہ دفاتر میں درخواستیں جمع کروائی جائیں اور مقررہ تاریخ تک تمام کاغذات مکمل کیے جائیں تاکہ کارروائی بروقت مکمل ہو سکے اسلام آباد میں حکومت پاکستان کی جانب
درستگی نام
میرا نام غلطی سے غلط درج ہو گیا ہے اصل نام درست ہے آئندہ اسی نام سے پکارا اور لکھا جائے
